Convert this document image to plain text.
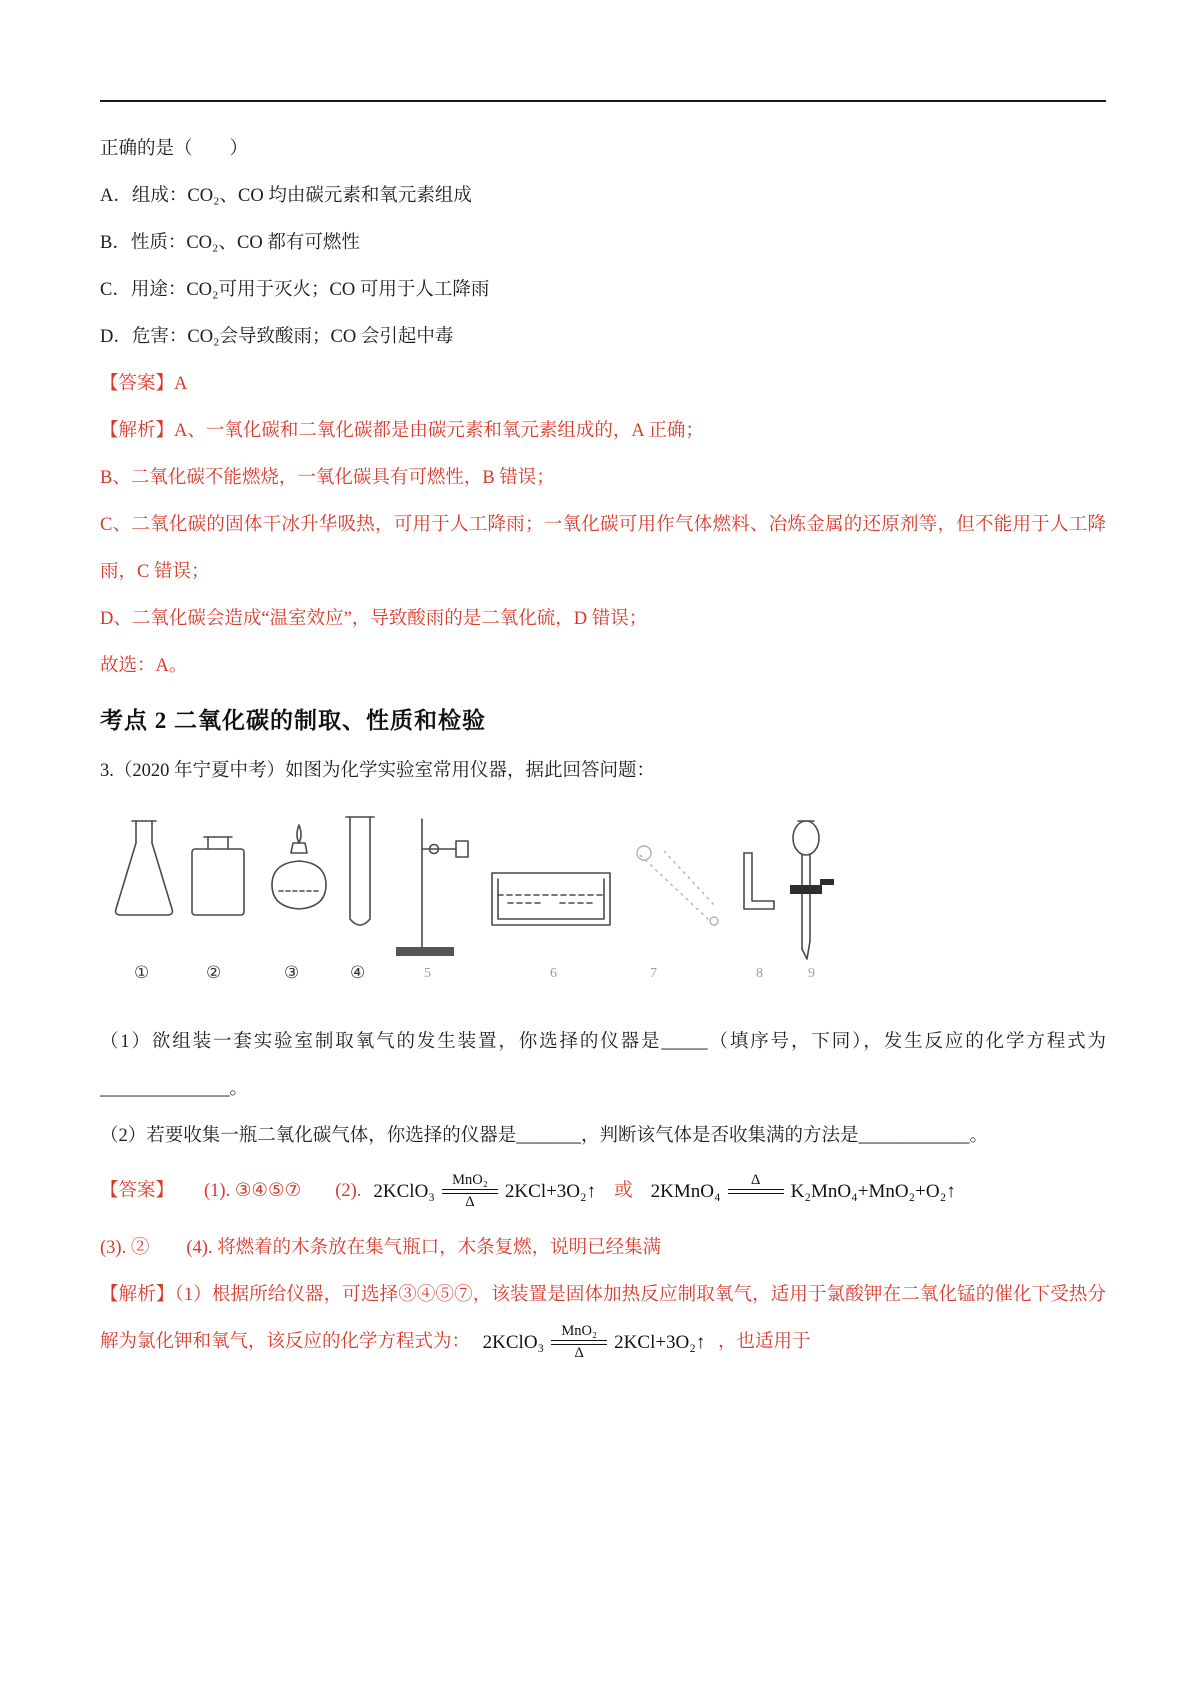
正确的是（　　）

A．组成：CO₂、CO 均由碳元素和氧元素组成

B．性质：CO₂、CO 都有可燃性

C．用途：CO₂可用于灭火；CO 可用于人工降雨

D．危害：CO₂会导致酸雨；CO 会引起中毒

【答案】A

【解析】A、一氧化碳和二氧化碳都是由碳元素和氧元素组成的，A 正确；

B、二氧化碳不能燃烧，一氧化碳具有可燃性，B 错误；

C、二氧化碳的固体干冰升华吸热，可用于人工降雨；一氧化碳可用作气体燃料、冶炼金属的还原剂等，但不能用于人工降雨，C 错误；

D、二氧化碳会造成“温室效应”，导致酸雨的是二氧化硫，D 错误；

故选：A。

考点 2 二氧化碳的制取、性质和检验

3.（2020 年宁夏中考）如图为化学实验室常用仪器，据此回答问题：

①	②	③	④	5	6	7	8	9

（1）欲组装一套实验室制取氧气的发生装置，你选择的仪器是_____（填序号，下同），发生反应的化学方程式为______________。

（2）若要收集一瓶二氧化碳气体，你选择的仪器是_______，判断该气体是否收集满的方法是____________。

【答案】 (1). ③④⑤⑦ (2). 2KClO₃
MnO₂
Δ 2KCl+3O₂↑ 或 2KMnO₄
Δ
K₂MnO₄+MnO₂+O₂↑

(3). ②　　(4). 将燃着的木条放在集气瓶口，木条复燃，说明已经集满

【解析】（1）根据所给仪器，可选择③④⑤⑦，该装置是固体加热反应制取氧气，适用于氯酸钾在二氧化锰的催化下受热分解为氯化钾和氧气，该反应的化学方程式为： 2KClO₃
MnO₂
Δ 2KCl+3O₂↑ ，也适用于
